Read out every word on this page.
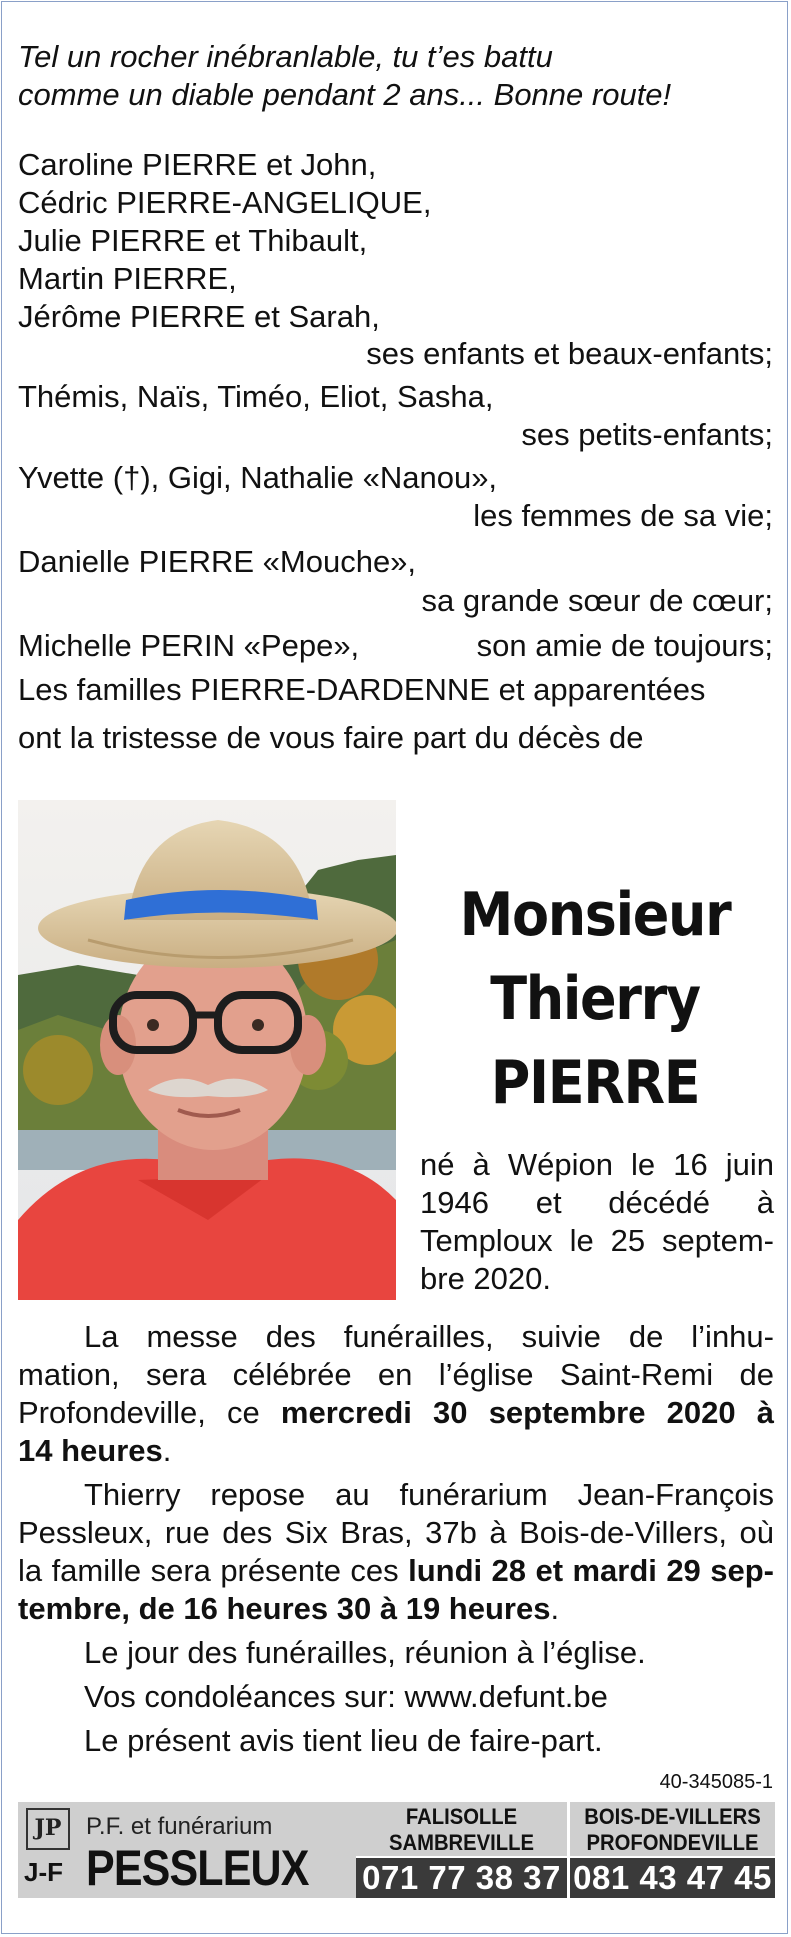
Tel un rocher inébranlable, tu t’es battu
comme un diable pendant 2 ans... Bonne route!
Caroline PIERRE et John,
Cédric PIERRE-ANGELIQUE,
Julie PIERRE et Thibault,
Martin PIERRE,
Jérôme PIERRE et Sarah,
ses enfants et beaux-enfants;
Thémis, Naïs, Timéo, Eliot, Sasha,
ses petits-enfants;
Yvette (†), Gigi, Nathalie «Nanou»,
les femmes de sa vie;
Danielle PIERRE «Mouche»,
sa grande sœur de cœur;
Michelle PERIN «Pepe»,	son amie de toujours;
Les familles PIERRE-DARDENNE et apparentées
ont la tristesse de vous faire part du décès de
Monsieur
Thierry
PIERRE
né à Wépion le 16 juin
1946 et décédé à
Temploux le 25 septem-
bre 2020.
La messe des funérailles, suivie de l’inhu-
mation, sera célébrée en l’église Saint-Remi de
Profondeville, ce mercredi 30 septembre 2020 à
14 heures.
Thierry repose au funérarium Jean-François
Pessleux, rue des Six Bras, 37b à Bois-de-Villers, où
la famille sera présente ces lundi 28 et mardi 29 sep-
tembre, de 16 heures 30 à 19 heures.
Le jour des funérailles, réunion à l’église.
Vos condoléances sur: www.defunt.be
Le présent avis tient lieu de faire-part.
40-345085-1
JP	P.F. et funérarium
J-F PESSLEUX
FALISOLLE
SAMBREVILLE
071 77 38 37
BOIS-DE-VILLERS
PROFONDEVILLE
081 43 47 45
